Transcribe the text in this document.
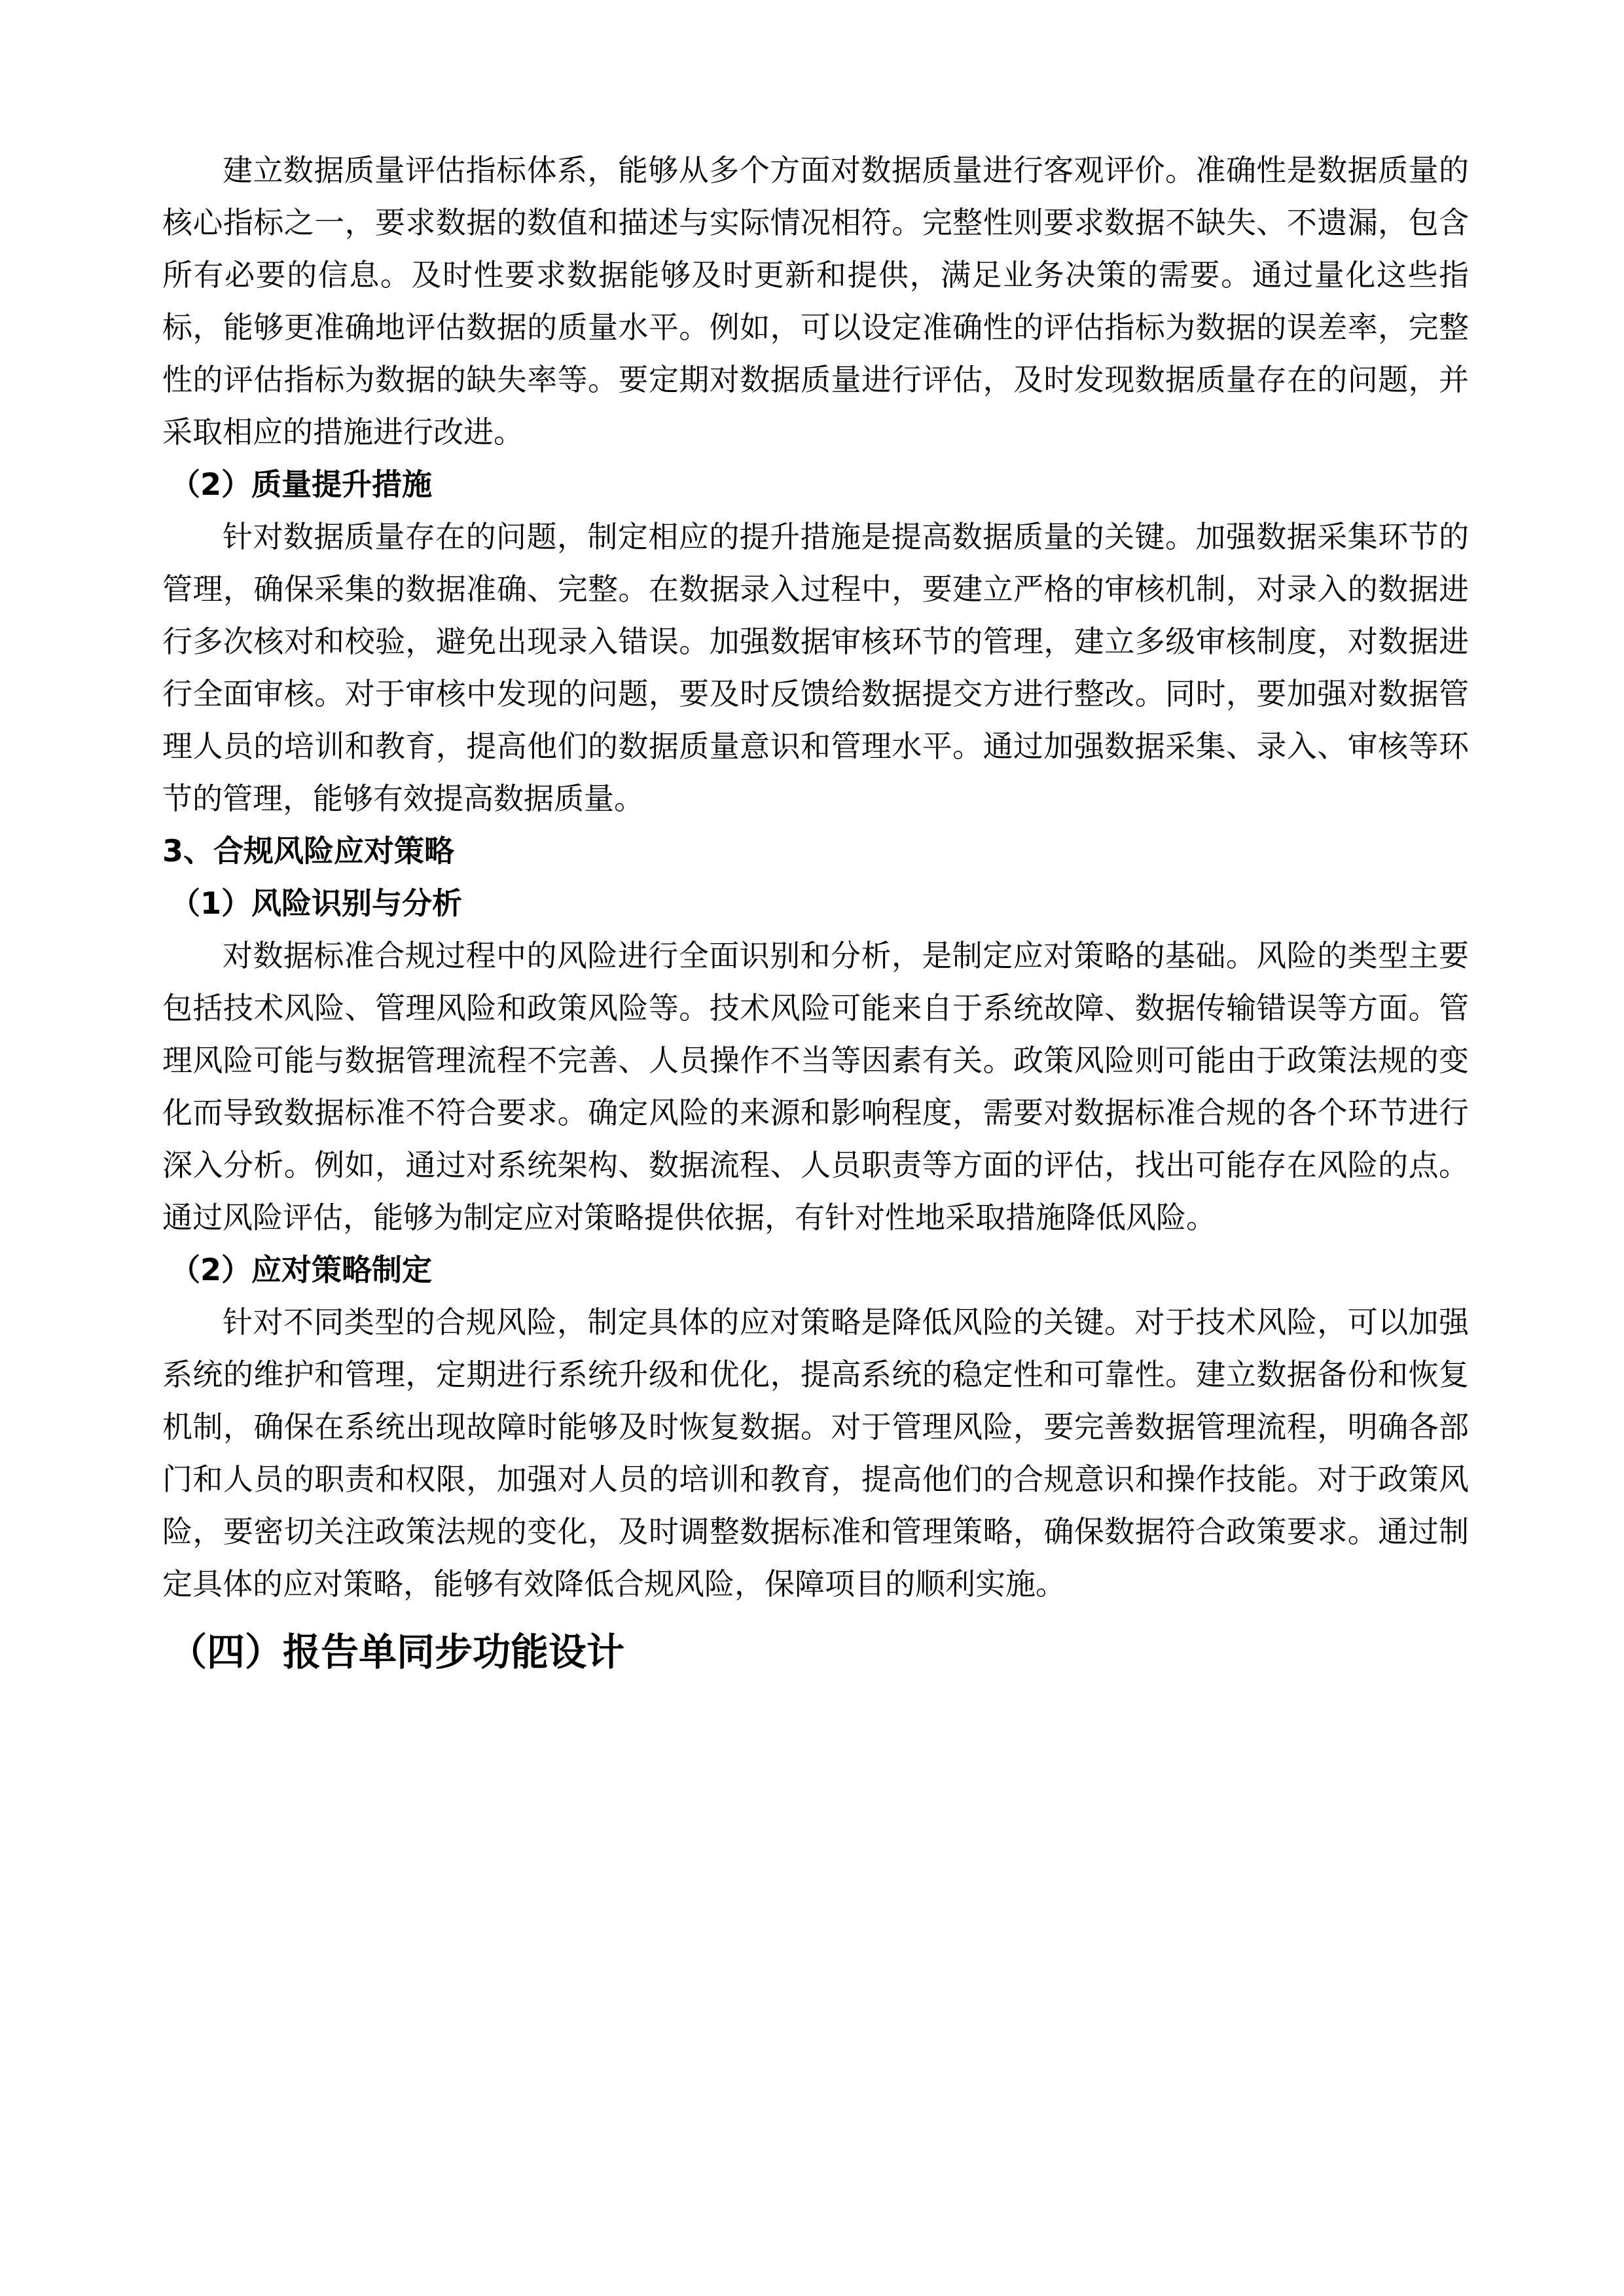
建立数据质量评估指标体系，能够从多个方面对数据质量进行客观评价。准确性是数据质量的核心指标之一，要求数据的数值和描述与实际情况相符。完整性则要求数据不缺失、不遗漏，包含所有必要的信息。及时性要求数据能够及时更新和提供，满足业务决策的需要。通过量化这些指标，能够更准确地评估数据的质量水平。例如，可以设定准确性的评估指标为数据的误差率，完整性的评估指标为数据的缺失率等。要定期对数据质量进行评估，及时发现数据质量存在的问题，并采取相应的措施进行改进。

（2）质量提升措施

针对数据质量存在的问题，制定相应的提升措施是提高数据质量的关键。加强数据采集环节的管理，确保采集的数据准确、完整。在数据录入过程中，要建立严格的审核机制，对录入的数据进行多次核对和校验，避免出现录入错误。加强数据审核环节的管理，建立多级审核制度，对数据进行全面审核。对于审核中发现的问题，要及时反馈给数据提交方进行整改。同时，要加强对数据管理人员的培训和教育，提高他们的数据质量意识和管理水平。通过加强数据采集、录入、审核等环节的管理，能够有效提高数据质量。

3、合规风险应对策略

（1）风险识别与分析

对数据标准合规过程中的风险进行全面识别和分析，是制定应对策略的基础。风险的类型主要包括技术风险、管理风险和政策风险等。技术风险可能来自于系统故障、数据传输错误等方面。管理风险可能与数据管理流程不完善、人员操作不当等因素有关。政策风险则可能由于政策法规的变化而导致数据标准不符合要求。确定风险的来源和影响程度，需要对数据标准合规的各个环节进行深入分析。例如，通过对系统架构、数据流程、人员职责等方面的评估，找出可能存在风险的点。通过风险评估，能够为制定应对策略提供依据，有针对性地采取措施降低风险。

（2）应对策略制定

针对不同类型的合规风险，制定具体的应对策略是降低风险的关键。对于技术风险，可以加强系统的维护和管理，定期进行系统升级和优化，提高系统的稳定性和可靠性。建立数据备份和恢复机制，确保在系统出现故障时能够及时恢复数据。对于管理风险，要完善数据管理流程，明确各部门和人员的职责和权限，加强对人员的培训和教育，提高他们的合规意识和操作技能。对于政策风险，要密切关注政策法规的变化，及时调整数据标准和管理策略，确保数据符合政策要求。通过制定具体的应对策略，能够有效降低合规风险，保障项目的顺利实施。

（四）报告单同步功能设计
